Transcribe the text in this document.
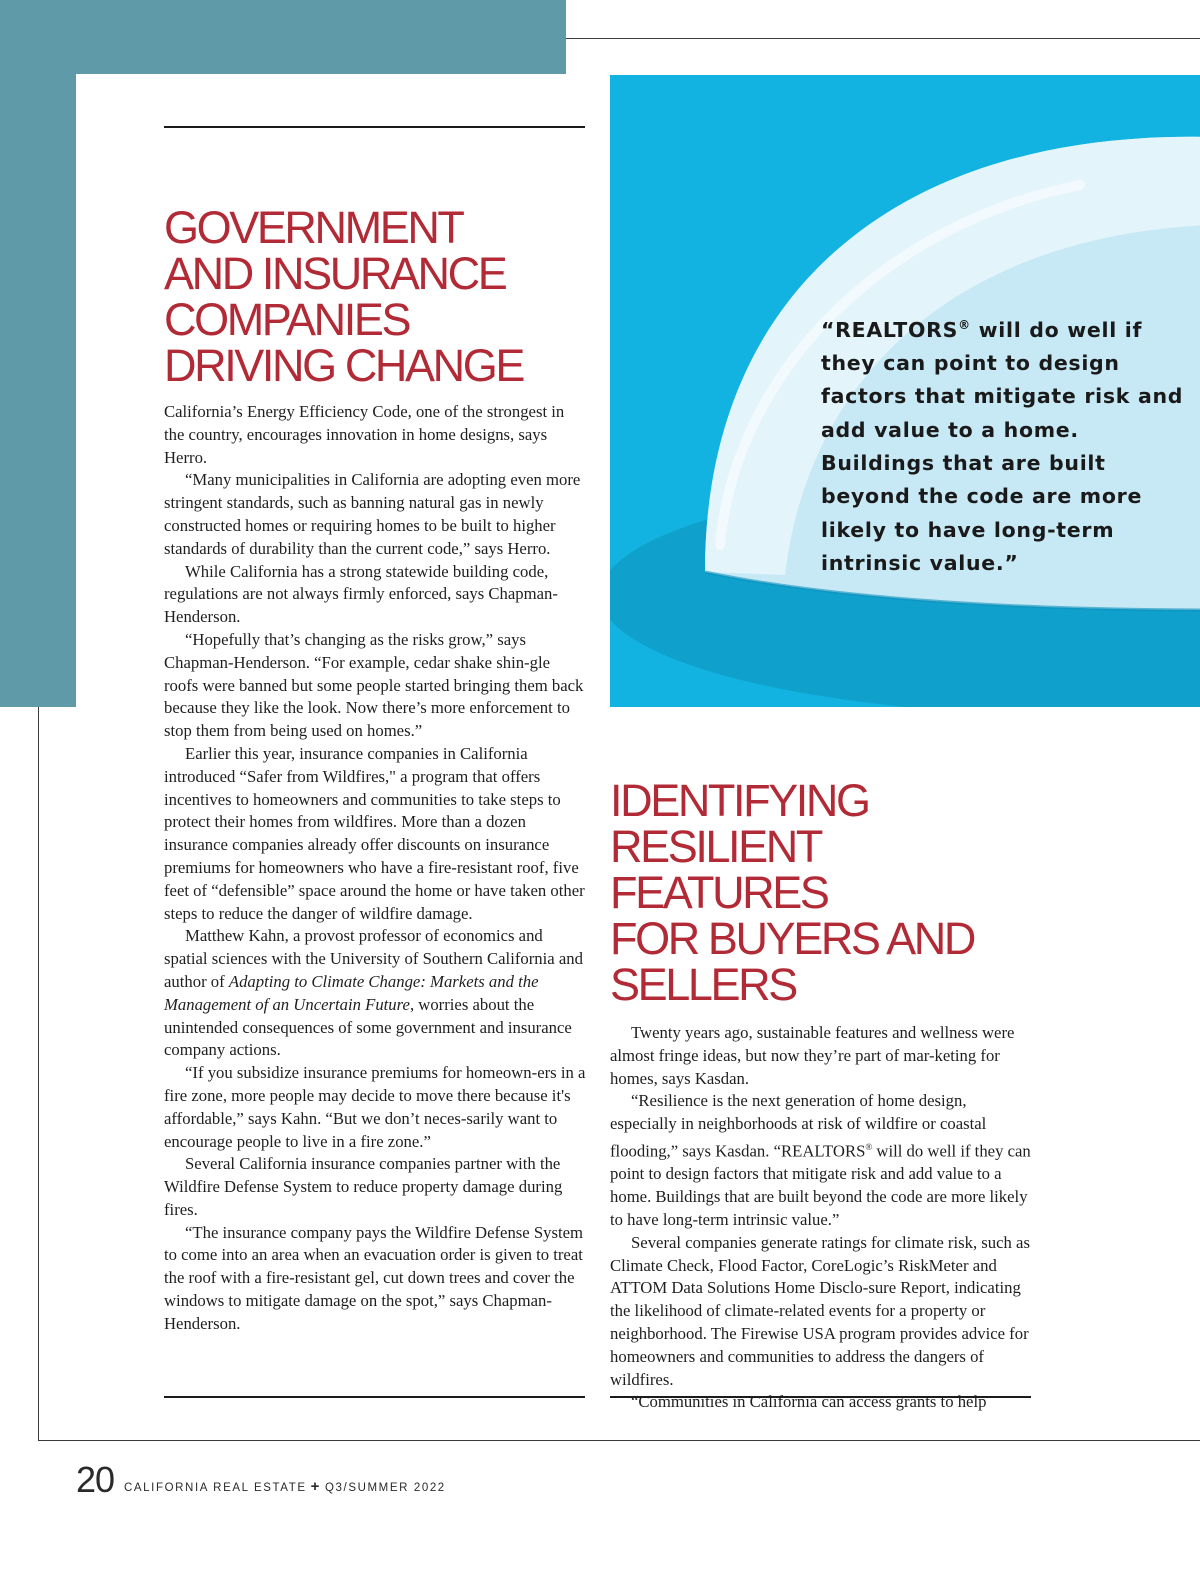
“REALTORS® will do well if they can point to design factors that mitigate risk and add value to a home. Buildings that are built beyond the code are more likely to have long-term intrinsic value.”

GOVERNMENT
AND INSURANCE
COMPANIES
DRIVING CHANGE

California’s Energy Efficiency Code, one of the strongest in the country, encourages innovation in home designs, says Herro.

“Many municipalities in California are adopting even more stringent standards, such as banning natural gas in newly constructed homes or requiring homes to be built to higher standards of durability than the current code,” says Herro.

While California has a strong statewide building code, regulations are not always firmly enforced, says Chapman-Henderson.

“Hopefully that’s changing as the risks grow,” says Chapman-Henderson. “For example, cedar shake shin-gle roofs were banned but some people started bringing them back because they like the look. Now there’s more enforcement to stop them from being used on homes.”

Earlier this year, insurance companies in California introduced “Safer from Wildfires," a program that offers incentives to homeowners and communities to take steps to protect their homes from wildfires. More than a dozen insurance companies already offer discounts on insurance premiums for homeowners who have a fire-resistant roof, five feet of “defensible” space around the home or have taken other steps to reduce the danger of wildfire damage.

Matthew Kahn, a provost professor of economics and spatial sciences with the University of Southern California and author of Adapting to Climate Change: Markets and the Management of an Uncertain Future, worries about the unintended consequences of some government and insurance company actions.

“If you subsidize insurance premiums for homeown-ers in a fire zone, more people may decide to move there because it's affordable,” says Kahn. “But we don’t neces-sarily want to encourage people to live in a fire zone.”

Several California insurance companies partner with the Wildfire Defense System to reduce property damage during fires.

“The insurance company pays the Wildfire Defense System to come into an area when an evacuation order is given to treat the roof with a fire-resistant gel, cut down trees and cover the windows to mitigate damage on the spot,” says Chapman-Henderson.

IDENTIFYING
RESILIENT FEATURES
FOR BUYERS AND
SELLERS

Twenty years ago, sustainable features and wellness were almost fringe ideas, but now they’re part of mar-keting for homes, says Kasdan.

“Resilience is the next generation of home design, especially in neighborhoods at risk of wildfire or coastal flooding,” says Kasdan. “REALTORS® will do well if they can point to design factors that mitigate risk and add value to a home. Buildings that are built beyond the code are more likely to have long-term intrinsic value.”

Several companies generate ratings for climate risk, such as Climate Check, Flood Factor, CoreLogic’s RiskMeter and ATTOM Data Solutions Home Disclo-sure Report, indicating the likelihood of climate-related events for a property or neighborhood. The Firewise USA program provides advice for homeowners and communities to address the dangers of wildfires.

“Communities in California can access grants to help

20 CALIFORNIA REAL ESTATE + Q3/SUMMER 2022
